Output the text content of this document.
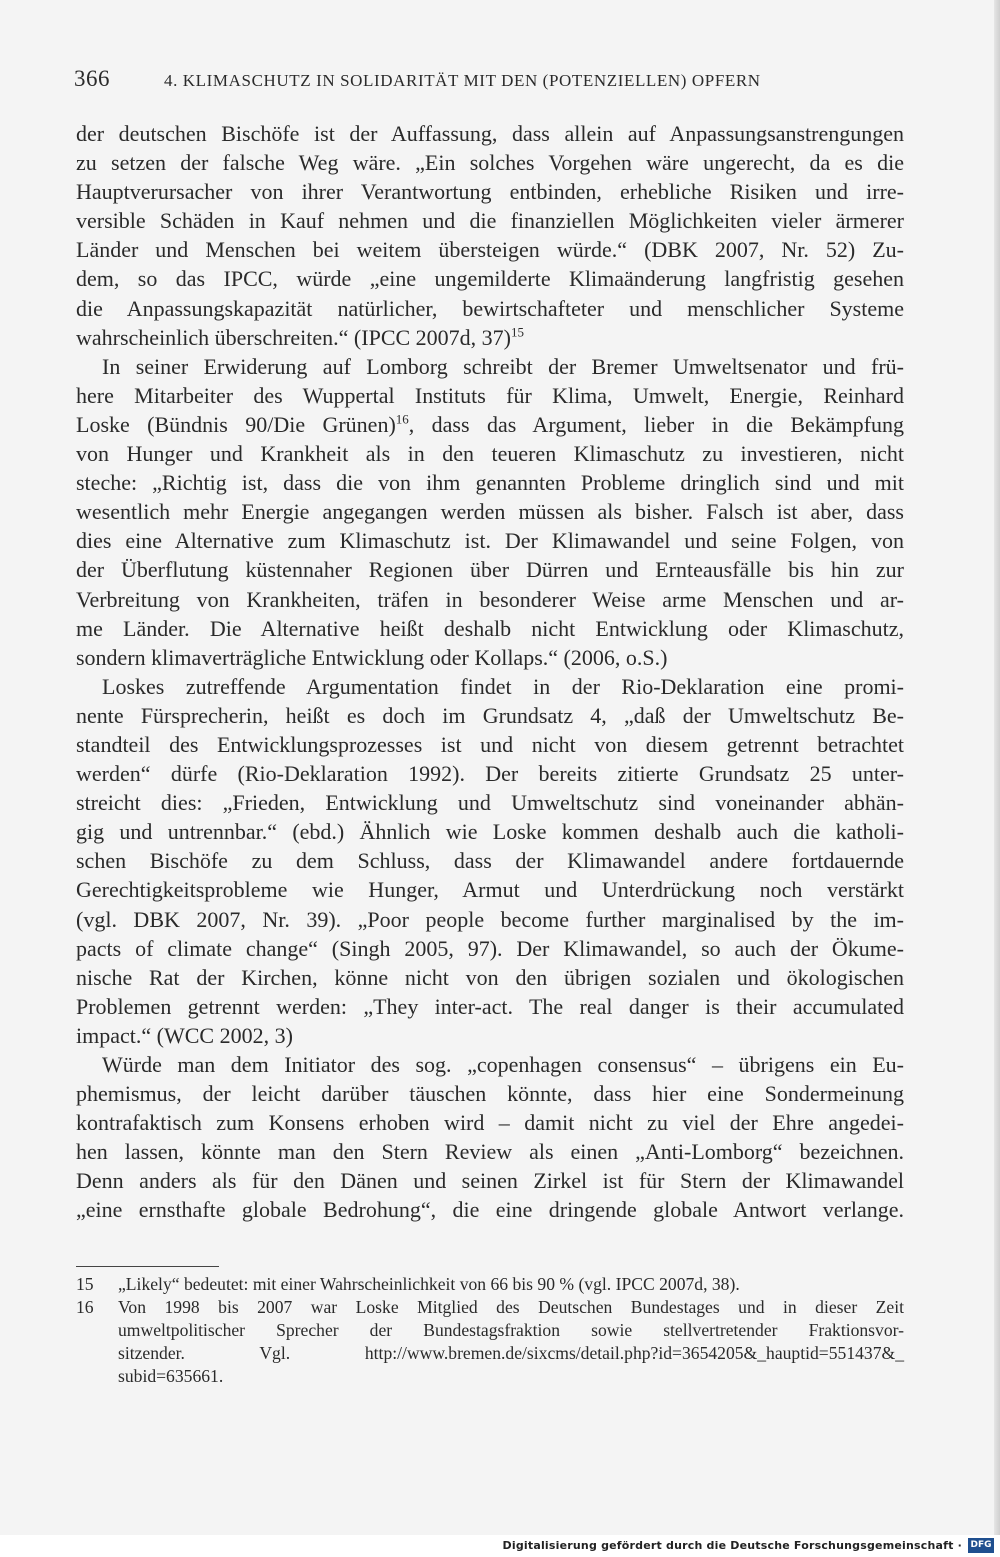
366	4. KLIMASCHUTZ IN SOLIDARITÄT MIT DEN (POTENZIELLEN) OPFERN
der deutschen Bischöfe ist der Auffassung, dass allein auf Anpassungsanstrengungen
zu setzen der falsche Weg wäre. „Ein solches Vorgehen wäre ungerecht, da es die
Hauptverursacher von ihrer Verantwortung entbinden, erhebliche Risiken und irre-
versible Schäden in Kauf nehmen und die finanziellen Möglichkeiten vieler ärmerer
Länder und Menschen bei weitem übersteigen würde.“ (DBK 2007, Nr. 52) Zu-
dem, so das IPCC, würde „eine ungemilderte Klimaänderung langfristig gesehen
die Anpassungskapazität natürlicher, bewirtschafteter und menschlicher Systeme
wahrscheinlich überschreiten.“ (IPCC 2007d, 37)$^{15}$
In seiner Erwiderung auf Lomborg schreibt der Bremer Umweltsenator und frü-
here Mitarbeiter des Wuppertal Instituts für Klima, Umwelt, Energie, Reinhard
Loske (Bündnis 90/Die Grünen)$^{16}$, dass das Argument, lieber in die Bekämpfung
von Hunger und Krankheit als in den teueren Klimaschutz zu investieren, nicht
steche: „Richtig ist, dass die von ihm genannten Probleme dringlich sind und mit
wesentlich mehr Energie angegangen werden müssen als bisher. Falsch ist aber, dass
dies eine Alternative zum Klimaschutz ist. Der Klimawandel und seine Folgen, von
der Überflutung küstennaher Regionen über Dürren und Ernteausfälle bis hin zur
Verbreitung von Krankheiten, träfen in besonderer Weise arme Menschen und ar-
me Länder. Die Alternative heißt deshalb nicht Entwicklung oder Klimaschutz,
sondern klimaverträgliche Entwicklung oder Kollaps.“ (2006, o.S.)
Loskes zutreffende Argumentation findet in der Rio-Deklaration eine promi-
nente Fürsprecherin, heißt es doch im Grundsatz 4, „daß der Umweltschutz Be-
standteil des Entwicklungsprozesses ist und nicht von diesem getrennt betrachtet
werden“ dürfe (Rio-Deklaration 1992). Der bereits zitierte Grundsatz 25 unter-
streicht dies: „Frieden, Entwicklung und Umweltschutz sind voneinander abhän-
gig und untrennbar.“ (ebd.) Ähnlich wie Loske kommen deshalb auch die katholi-
schen Bischöfe zu dem Schluss, dass der Klimawandel andere fortdauernde
Gerechtigkeitsprobleme wie Hunger, Armut und Unterdrückung noch verstärkt
(vgl. DBK 2007, Nr. 39). „Poor people become further marginalised by the im-
pacts of climate change“ (Singh 2005, 97). Der Klimawandel, so auch der Ökume-
nische Rat der Kirchen, könne nicht von den übrigen sozialen und ökologischen
Problemen getrennt werden: „They inter-act. The real danger is their accumulated
impact.“ (WCC 2002, 3)
Würde man dem Initiator des sog. „copenhagen consensus“ – übrigens ein Eu-
phemismus, der leicht darüber täuschen könnte, dass hier eine Sondermeinung
kontrafaktisch zum Konsens erhoben wird – damit nicht zu viel der Ehre angedei-
hen lassen, könnte man den Stern Review als einen „Anti-Lomborg“ bezeichnen.
Denn anders als für den Dänen und seinen Zirkel ist für Stern der Klimawandel
„eine ernsthafte globale Bedrohung“, die eine dringende globale Antwort verlange.
15 „Likely“ bedeutet: mit einer Wahrscheinlichkeit von 66 bis 90 % (vgl. IPCC 2007d, 38).
16 Von 1998 bis 2007 war Loske Mitglied des Deutschen Bundestages und in dieser Zeit
umweltpolitischer Sprecher der Bundestagsfraktion sowie stellvertretender Fraktionsvor-
sitzender. Vgl. http://www.bremen.de/sixcms/detail.php?id=3654205&_hauptid=551437&_
subid=635661.
Digitalisierung gefördert durch die Deutsche Forschungsgemeinschaft · DFG
